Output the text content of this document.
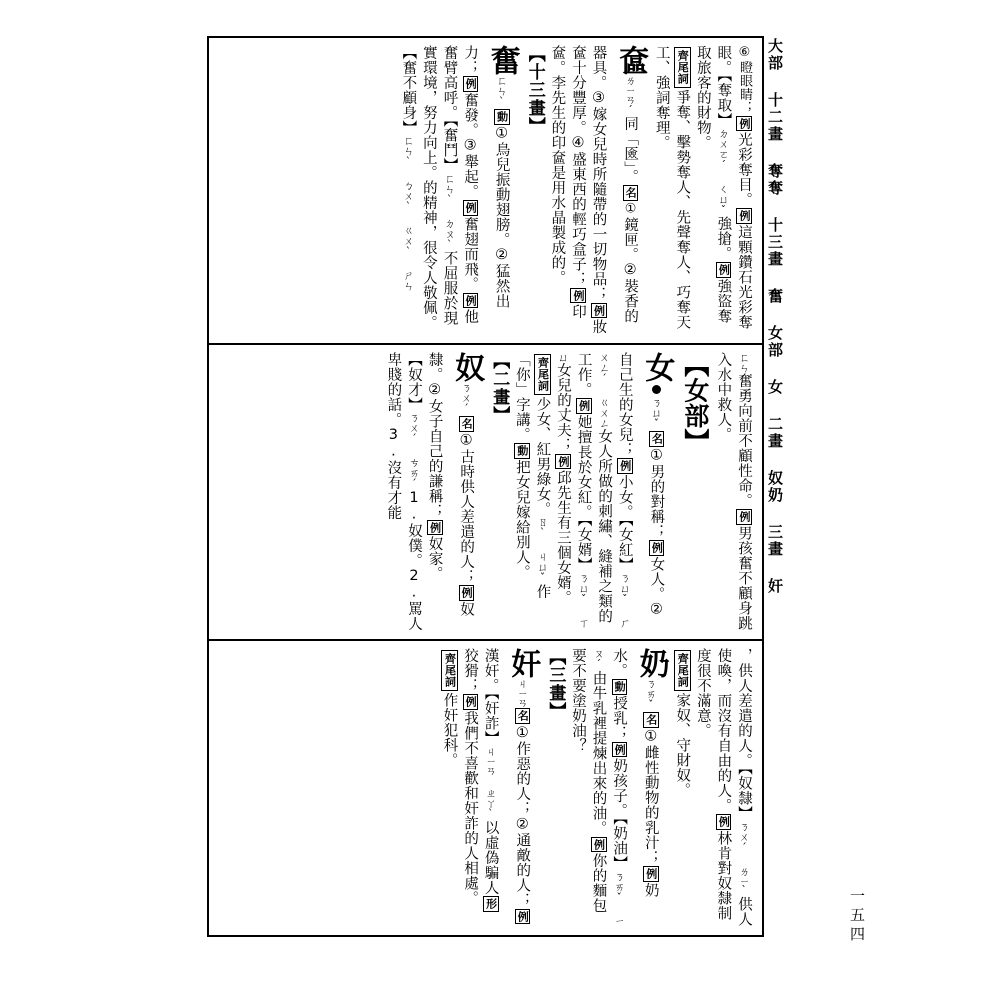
大部 十二畫 奪奪 十三畫 奮 女部 女 二畫 奴奶 三畫 奸
一五四
⑥瞪眼睛；例光彩奪目。例這顆鑽石光彩奪眼。【奪取】ㄉㄨㄛˊ ㄑㄩˇ強搶。例強盜奪取旅客的財物。
齊尾詞爭奪、擊勢奪人、先聲奪人、巧奪天工、強詞奪理。
奩ㄌㄧㄢˊ同「匳」。名①鏡匣。②裝香的器具。③嫁女兒時所隨帶的一切物品；例妝奩十分豐厚。④盛東西的輕巧盒子；例印奩。李先生的印奩是用水晶製成的。
【十三畫】
奮ㄈㄣˋ動①鳥兒振動翅膀。②猛然出力；例奮發。③舉起。例奮翅而飛。例他奮臂高呼。【奮鬥】ㄈㄣˋ ㄉㄡˋ不屈服於現實環境，努力向上。的精神，很令人敬佩。【奮不顧身】ㄈㄣˋ ㄅㄨˋ ㄍㄨˋ ㄕㄣ
ㄈㄣ奮勇向前不顧性命。例男孩奮不顧身跳入水中救人。
【女部】
女ㄋㄩˇ名①男的對稱；例女人。②自己生的女兒；例小女。【女紅】ㄋㄩˇ ㄏㄨㄥˊ ㄍㄨㄥ女人所做的刺繡、縫補之類的工作。例她擅長於女紅。【女婿】ㄋㄩˇ ㄒㄩ女兒的丈夫；例邱先生有三個女婿。
齊尾詞少女、紅男綠女。ㄖˋ ㄐㄩˇ作「你」字講。動把女兒嫁給別人。
【二畫】
奴ㄋㄨˊ名①古時供人差遣的人；例奴隸。②女子自己的謙稱；例奴家。【奴才】ㄋㄨˊ ㄘㄞˊ1.奴僕。2.罵人卑賤的話。3.沒有才能
，供人差遣的人。【奴隸】ㄋㄨˊ ㄌㄧˋ供人使喚，而沒有自由的人。例林肯對奴隸制度很不滿意。
齊尾詞家奴、守財奴。
奶ㄋㄞˇ名①雌性動物的乳汁；例奶水。動授乳；例奶孩子。【奶油】ㄋㄞˇ ㄧㄡˊ由牛乳裡提煉出來的油。例你的麵包要不要塗奶油？
【三畫】
奸ㄐㄧㄢ名①作惡的人；②通敵的人；例漢奸。【奸詐】ㄐㄧㄢ ㄓㄚˋ以虛偽騙人形狡猾；例我們不喜歡和奸詐的人相處。
齊尾詞作奸犯科。
